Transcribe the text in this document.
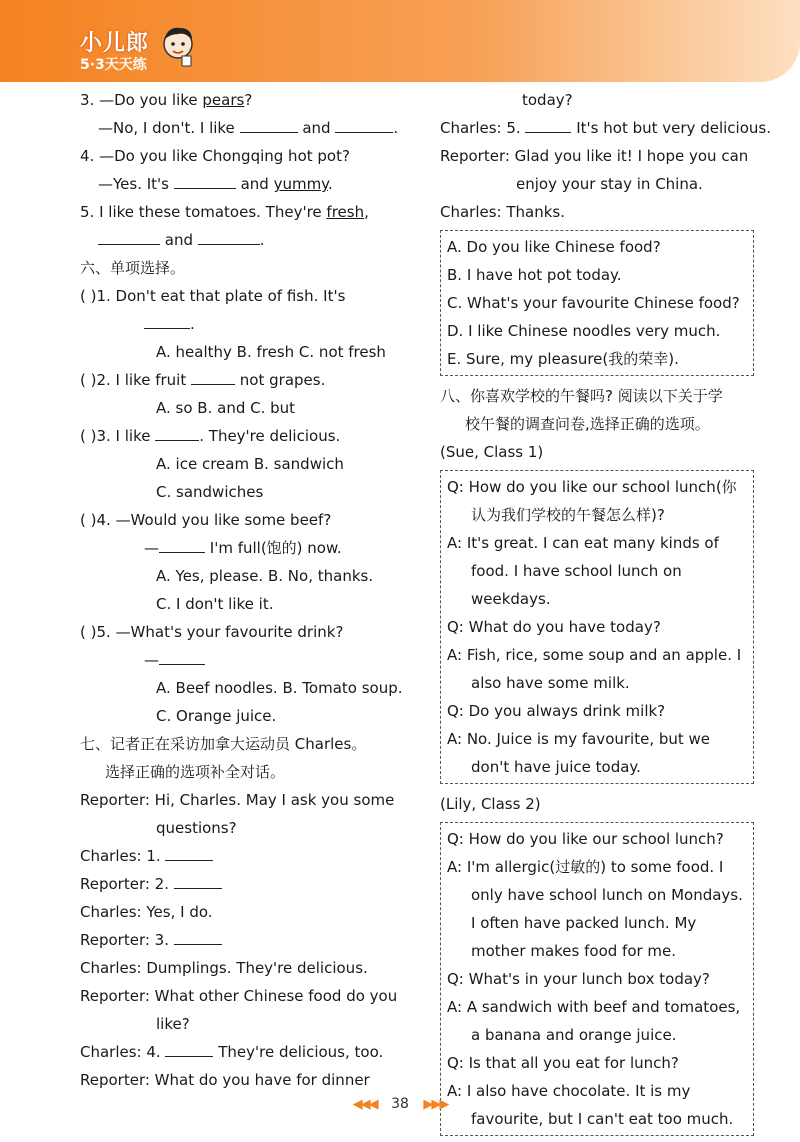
小儿郎
5·3天天练
3. —Do you like pears?
—No, I don't. I like	and	.
4. —Do you like Chongqing hot pot?
—Yes. It's	and yummy.
5. I like these tomatoes. They're fresh,
and	.
六、单项选择。
( )1. Don't eat that plate of fish. It's
.
A. healthy B. fresh C. not fresh
( )2. I like fruit	not grapes.
A. so B. and C. but
( )3. I like	. They're delicious.
A. ice cream B. sandwich
C. sandwiches
( )4. —Would you like some beef?
—	I'm full(饱的) now.
A. Yes, please. B. No, thanks.
C. I don't like it.
( )5. —What's your favourite drink?
—
A. Beef noodles. B. Tomato soup.
C. Orange juice.
七、记者正在采访加拿大运动员 Charles。
选择正确的选项补全对话。
Reporter: Hi, Charles. May I ask you some
questions?
Charles: 1.
Reporter: 2.
Charles: Yes, I do.
Reporter: 3.
Charles: Dumplings. They're delicious.
Reporter: What other Chinese food do you
like?
Charles: 4.	They're delicious, too.
Reporter: What do you have for dinner
today?
Charles: 5.	It's hot but very delicious.
Reporter: Glad you like it! I hope you can
enjoy your stay in China.
Charles: Thanks.
A. Do you like Chinese food?
B. I have hot pot today.
C. What's your favourite Chinese food?
D. I like Chinese noodles very much.
E. Sure, my pleasure(我的荣幸).
八、你喜欢学校的午餐吗? 阅读以下关于学
校午餐的调查问卷,选择正确的选项。
(Sue, Class 1)
Q: How do you like our school lunch(你认为我们学校的午餐怎么样)?
A: It's great. I can eat many kinds of food. I have school lunch on weekdays.
Q: What do you have today?
A: Fish, rice, some soup and an apple. I also have some milk.
Q: Do you always drink milk?
A: No. Juice is my favourite, but we don't have juice today.
(Lily, Class 2)
Q: How do you like our school lunch?
A: I'm allergic(过敏的) to some food. I only have school lunch on Mondays. I often have packed lunch. My mother makes food for me.
Q: What's in your lunch box today?
A: A sandwich with beef and tomatoes, a banana and orange juice.
Q: Is that all you eat for lunch?
A: I also have chocolate. It is my favourite, but I can't eat too much.
◀◀◀ 38 ▶▶▶
